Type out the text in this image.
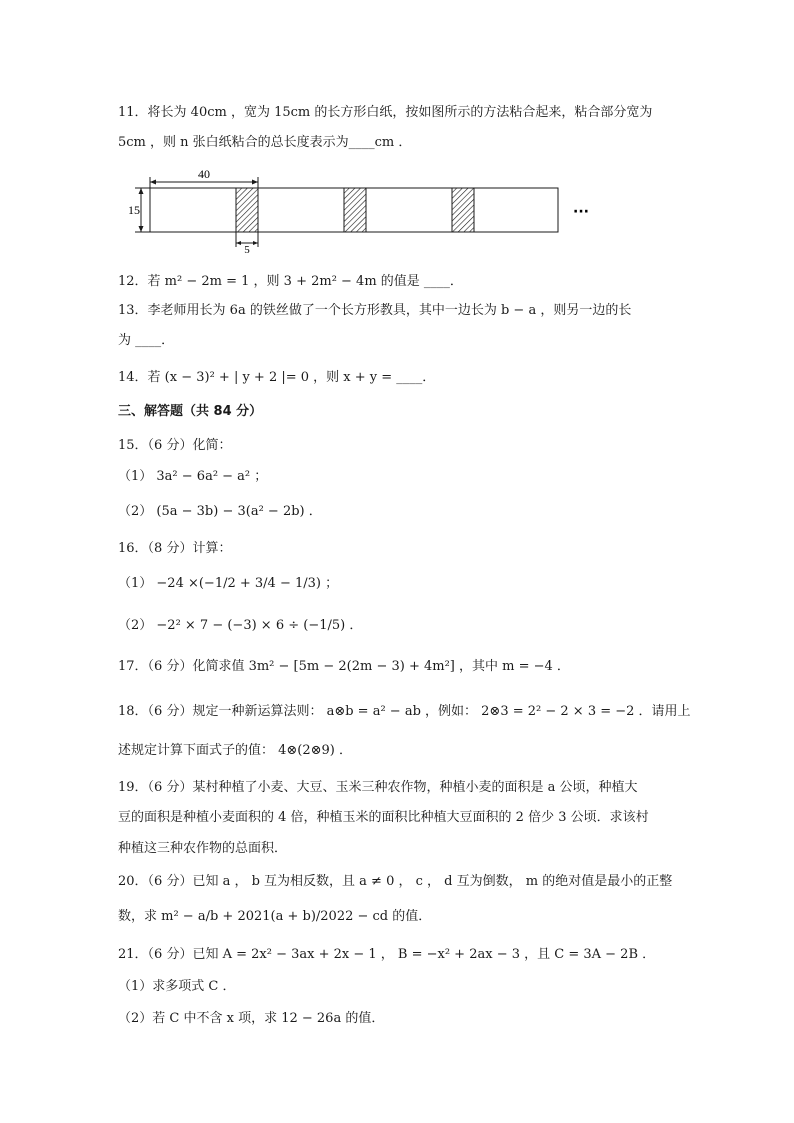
11．将长为 40cm ，宽为 15cm 的长方形白纸，按如图所示的方法粘合起来，粘合部分宽为
5cm ，则 n 张白纸粘合的总长度表示为____cm ．
40
15
5
···
12．若 m² − 2m = 1 ，则 3 + 2m² − 4m 的值是 ____．
13．李老师用长为 6a 的铁丝做了一个长方形教具，其中一边长为 b − a ，则另一边的长
为 ____．
14．若 (x − 3)² + | y + 2 |= 0 ，则 x + y = ____．
三、解答题（共 84 分）
15．（6 分）化简：
（1） 3a² − 6a² − a² ；
（2） (5a − 3b) − 3(a² − 2b) ．
16．（8 分）计算：
（1） −24 ×(−1/2 + 3/4 − 1/3) ；
（2） −2² × 7 − (−3) × 6 ÷ (−1/5) ．
17．（6 分）化简求值 3m² − [5m − 2(2m − 3) + 4m²] ，其中 m = −4 ．
18．（6 分）规定一种新运算法则： a⊗b = a² − ab ，例如： 2⊗3 = 2² − 2 × 3 = −2 ．请用上
述规定计算下面式子的值： 4⊗(2⊗9) ．
19．（6 分）某村种植了小麦、大豆、玉米三种农作物，种植小麦的面积是 a 公顷，种植大
豆的面积是种植小麦面积的 4 倍，种植玉米的面积比种植大豆面积的 2 倍少 3 公顷．求该村
种植这三种农作物的总面积．
20．（6 分）已知 a ， b 互为相反数，且 a ≠ 0 ， c ， d 互为倒数， m 的绝对值是最小的正整
数，求 m² − a/b + 2021(a + b)/2022 − cd 的值．
21．（6 分）已知 A = 2x² − 3ax + 2x − 1 ， B = −x² + 2ax − 3 ，且 C = 3A − 2B ．
（1）求多项式 C ．
（2）若 C 中不含 x 项，求 12 − 26a 的值．
